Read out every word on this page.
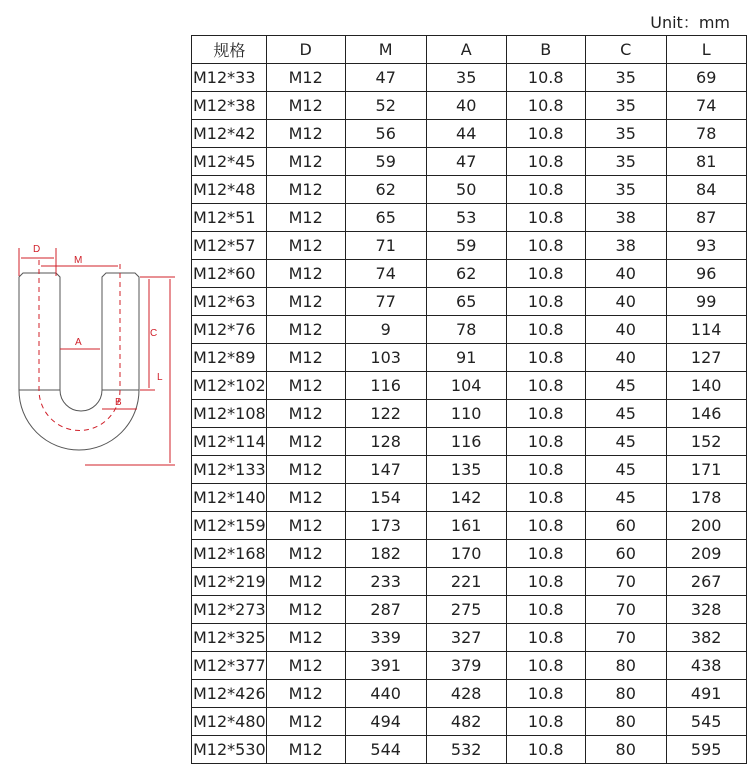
Unit：mm
D
M
A
B
C
L
规格	D	M	A	B	C	L
M12*33	M12	47	35	10.8	35	69
M12*38	M12	52	40	10.8	35	74
M12*42	M12	56	44	10.8	35	78
M12*45	M12	59	47	10.8	35	81
M12*48	M12	62	50	10.8	35	84
M12*51	M12	65	53	10.8	38	87
M12*57	M12	71	59	10.8	38	93
M12*60	M12	74	62	10.8	40	96
M12*63	M12	77	65	10.8	40	99
M12*76	M12	9	78	10.8	40	114
M12*89	M12	103	91	10.8	40	127
M12*102	M12	116	104	10.8	45	140
M12*108	M12	122	110	10.8	45	146
M12*114	M12	128	116	10.8	45	152
M12*133	M12	147	135	10.8	45	171
M12*140	M12	154	142	10.8	45	178
M12*159	M12	173	161	10.8	60	200
M12*168	M12	182	170	10.8	60	209
M12*219	M12	233	221	10.8	70	267
M12*273	M12	287	275	10.8	70	328
M12*325	M12	339	327	10.8	70	382
M12*377	M12	391	379	10.8	80	438
M12*426	M12	440	428	10.8	80	491
M12*480	M12	494	482	10.8	80	545
M12*530	M12	544	532	10.8	80	595
